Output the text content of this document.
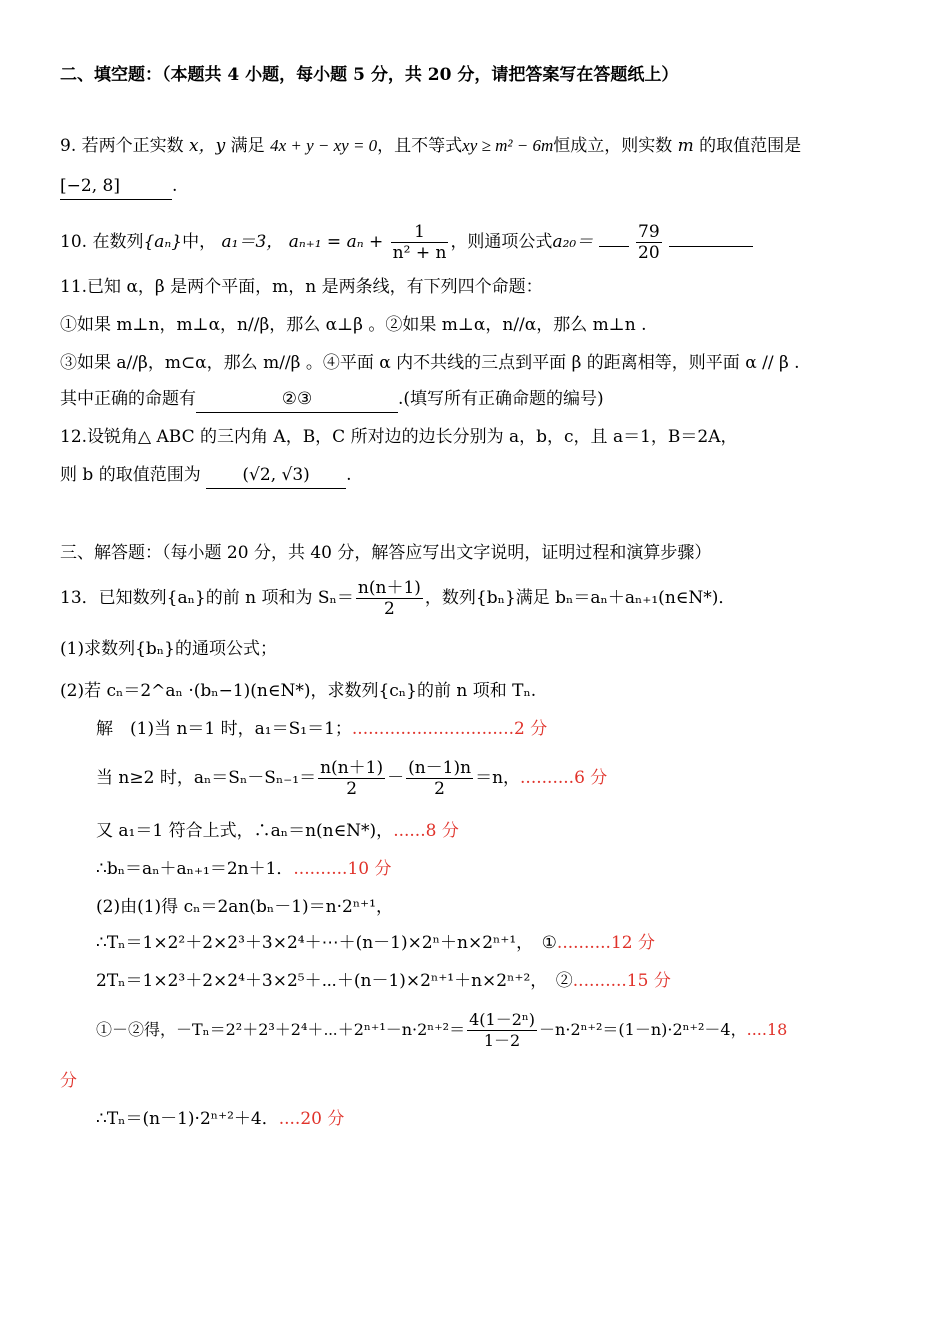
二、填空题：（本题共 4 小题，每小题 5 分，共 20 分，请把答案写在答题纸上）
9. 若两个正实数 x，y 满足 4x + y − xy = 0，且不等式xy ≥ m² − 6m恒成立，则实数 m 的取值范围是
[−2, 8]	.
10. 在数列{aₙ}中， a₁＝3， $a_{n+1} = a_n + \frac{1}{\text{n² + n}}$ ，则通项公式a₂₀＝	$\frac{79}{20}$

11.已知 α，β 是两个平面，m，n 是两条线，有下列四个命题：
①如果 m⊥n，m⊥α，n//β，那么 α⊥β 。②如果 m⊥α，n//α，那么 m⊥n .
③如果 a//β，m⊂α，那么 m//β 。④平面 α 内不共线的三点到平面 β 的距离相等，则平面 α // β .
其中正确的命题有	②③	.(填写所有正确命题的编号)
12.设锐角△ ABC 的三内角 A，B，C 所对边的边长分别为 a，b，c，且 a＝1，B＝2A，
则 b 的取值范围为 (√2, √3) .
三、解答题：（每小题 20 分，共 40 分，解答应写出文字说明，证明过程和演算步骤）
13．已知数列{aₙ}的前 n 项和为 $S_n= \frac{n(n+1)}{2}$ ，数列{bₙ}满足 bₙ＝aₙ＋aₙ₊₁(n∈N*)．
(1)求数列{bₙ}的通项公式；
(2)若 cₙ＝2^aₙ ·(bₙ−1)(n∈N*)，求数列{cₙ}的前 n 项和 Tₙ.
解　(1)当 n＝1 时，a₁＝S₁＝1；..............................2 分
当 n≥2 时，$a_n=S_n-S_{n-1}= \frac{n(n+1)}{2} - \frac{(n-1)n}{2} =n$，..........6 分
又 a₁＝1 符合上式，∴aₙ＝n(n∈N*)，......8 分
∴bₙ＝aₙ＋aₙ₊₁＝2n＋1．..........10 分
(2)由(1)得 cₙ＝2an(bₙ－1)＝n·2ⁿ⁺¹，
∴Tₙ＝1×2²＋2×2³＋3×2⁴＋⋯＋(n－1)×2ⁿ＋n×2ⁿ⁺¹，　①..........12 分
2Tₙ＝1×2³＋2×2⁴＋3×2⁵＋⋯＋(n－1)×2ⁿ⁺¹＋n×2ⁿ⁺²，　②..........15 分
①－②得，－Tₙ＝2²＋2³＋2⁴＋⋯＋2ⁿ⁺¹－n·2ⁿ⁺²＝ $\frac{\text{4(1－2ⁿ)}}{1-2} -n\cdot 2^{n+2}=(1-n)\cdot 2^{n+2}-4$，....18
分
∴Tₙ＝(n－1)·2ⁿ⁺²＋4．....20 分
